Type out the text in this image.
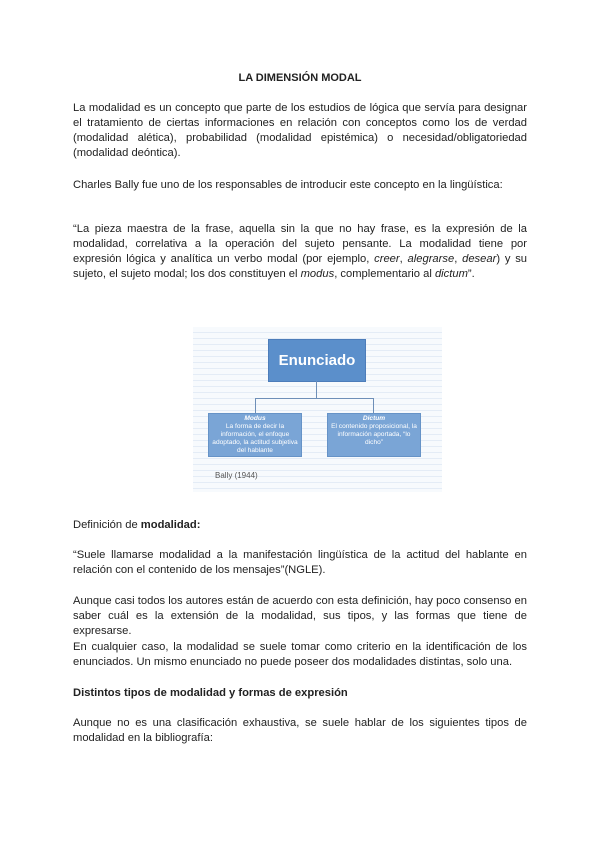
LA DIMENSIÓN MODAL

La modalidad es un concepto que parte de los estudios de lógica que servía para designar el tratamiento de ciertas informaciones en relación con conceptos como los de verdad (modalidad alética), probabilidad (modalidad epistémica) o necesidad/obligatoriedad (modalidad deóntica).

Charles Bally fue uno de los responsables de introducir este concepto en la lingüística:

“La pieza maestra de la frase, aquella sin la que no hay frase, es la expresión de la modalidad, correlativa a la operación del sujeto pensante. La modalidad tiene por expresión lógica y analítica un verbo modal (por ejemplo, creer, alegrarse, desear) y su sujeto, el sujeto modal; los dos constituyen el modus, complementario al dictum”.

Enunciado
Modus
La forma de decir la información, el enfoque adoptado, la actitud subjetiva del hablante
Dictum
El contenido proposicional, la información aportada, “lo dicho”
Bally (1944)

Definición de modalidad:

“Suele llamarse modalidad a la manifestación lingüística de la actitud del hablante en relación con el contenido de los mensajes”(NGLE).

Aunque casi todos los autores están de acuerdo con esta definición, hay poco consenso en saber cuál es la extensión de la modalidad, sus tipos, y las formas que tiene de expresarse.

En cualquier caso, la modalidad se suele tomar como criterio en la identificación de los enunciados. Un mismo enunciado no puede poseer dos modalidades distintas, solo una.

Distintos tipos de modalidad y formas de expresión

Aunque no es una clasificación exhaustiva, se suele hablar de los siguientes tipos de modalidad en la bibliografía:
